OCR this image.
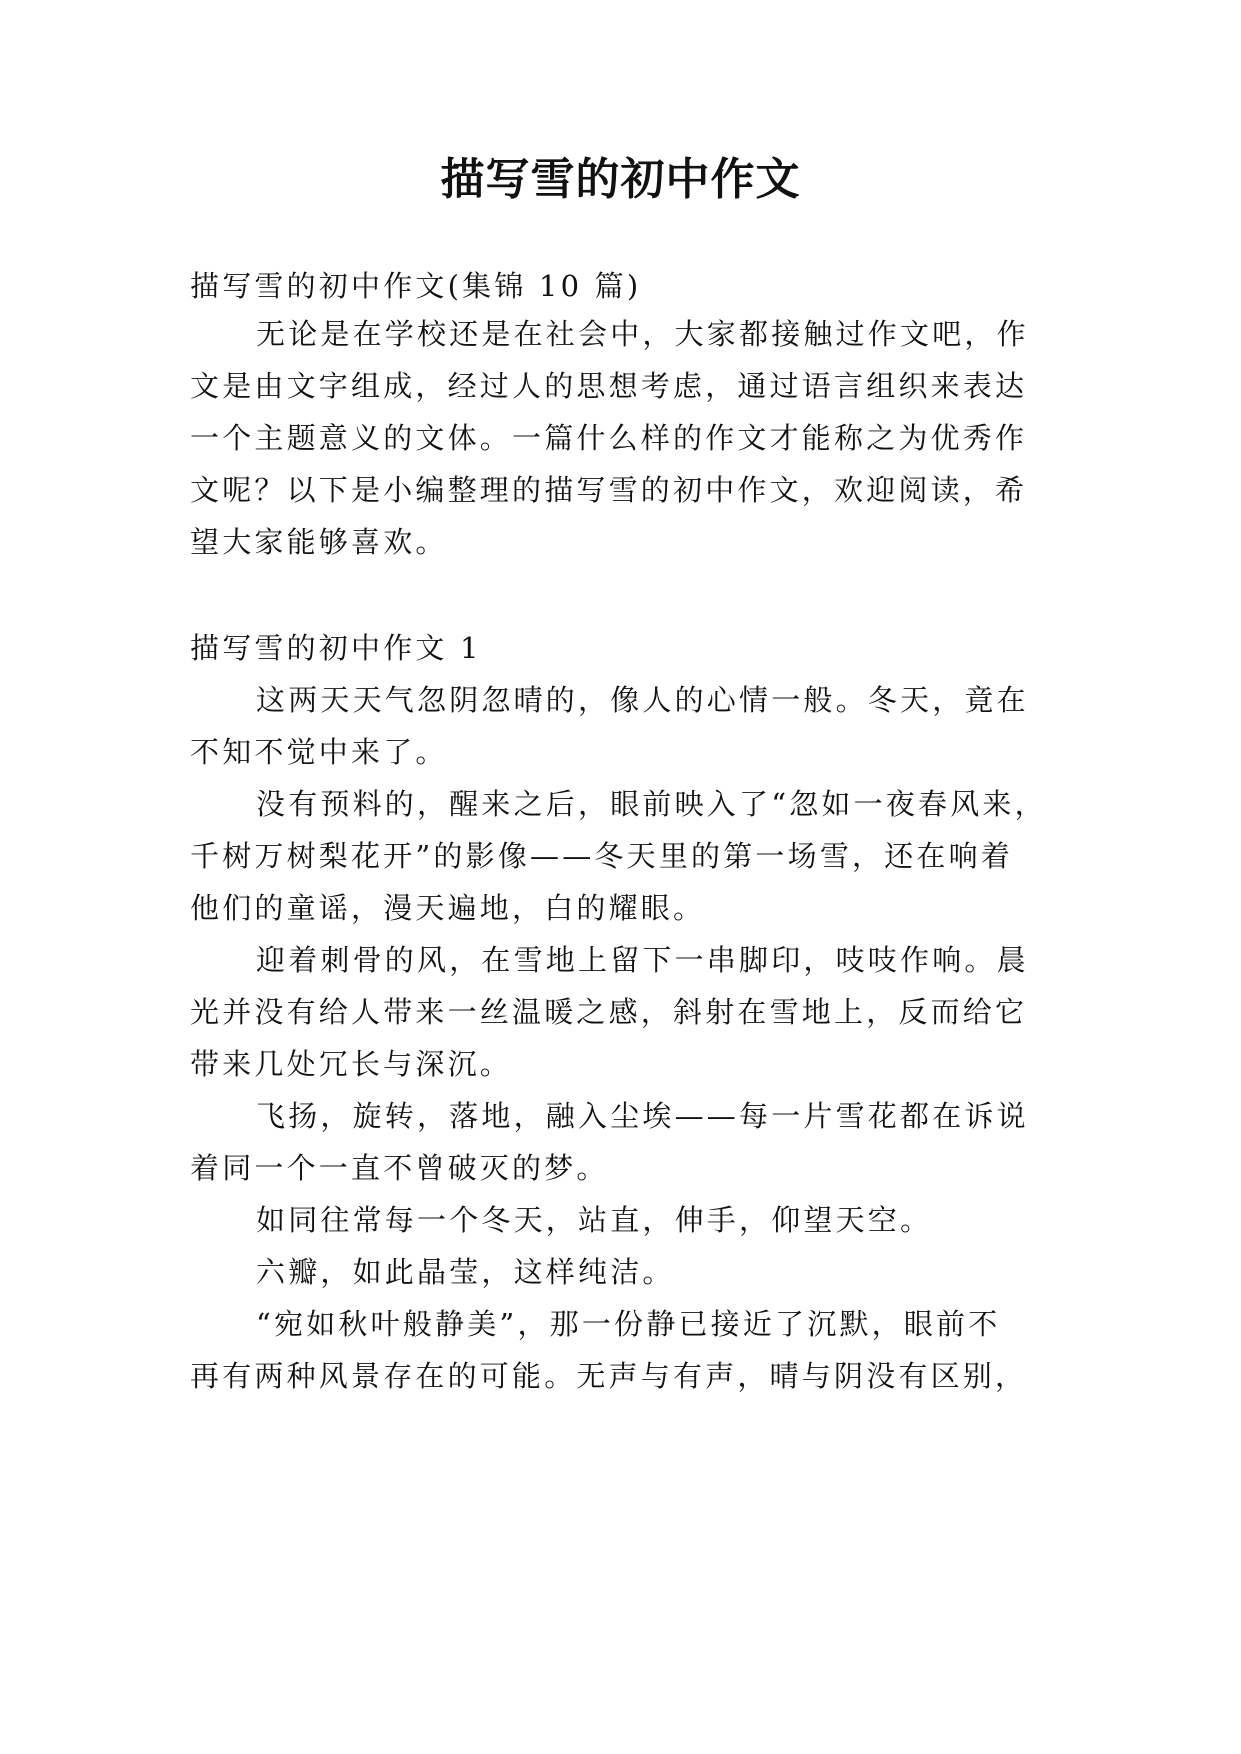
描写雪的初中作文

描写雪的初中作文(集锦 10 篇)

无论是在学校还是在社会中，大家都接触过作文吧，作

文是由文字组成，经过人的思想考虑，通过语言组织来表达

一个主题意义的文体。一篇什么样的作文才能称之为优秀作

文呢？以下是小编整理的描写雪的初中作文，欢迎阅读，希

望大家能够喜欢。

描写雪的初中作文 1

这两天天气忽阴忽晴的，像人的心情一般。冬天，竟在

不知不觉中来了。

没有预料的，醒来之后，眼前映入了“忽如一夜春风来，

千树万树梨花开”的影像——冬天里的第一场雪，还在响着

他们的童谣，漫天遍地，白的耀眼。

迎着刺骨的风，在雪地上留下一串脚印，吱吱作响。晨

光并没有给人带来一丝温暖之感，斜射在雪地上，反而给它

带来几处冗长与深沉。

飞扬，旋转，落地，融入尘埃——每一片雪花都在诉说

着同一个一直不曾破灭的梦。

如同往常每一个冬天，站直，伸手，仰望天空。

六瓣，如此晶莹，这样纯洁。

“宛如秋叶般静美”，那一份静已接近了沉默，眼前不

再有两种风景存在的可能。无声与有声，晴与阴没有区别，
